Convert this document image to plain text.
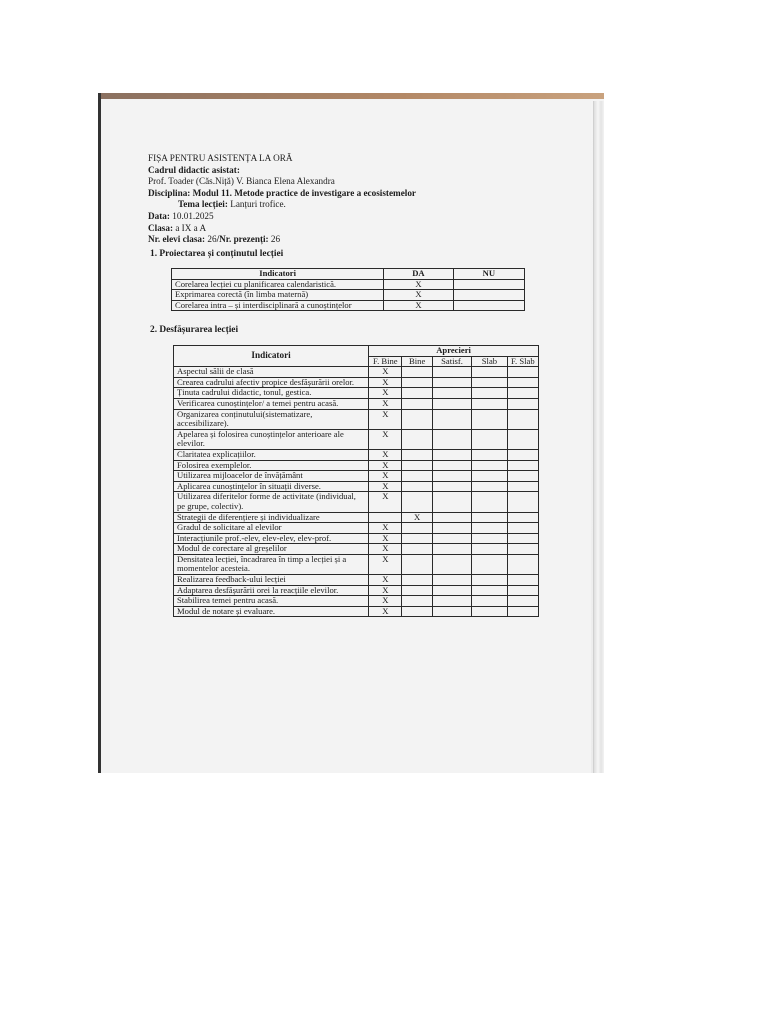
FIȘA PENTRU ASISTENȚA LA ORĂ
Cadrul didactic asistat:
Prof. Toader (Căs.Niță) V. Bianca Elena Alexandra
Disciplina: Modul 11. Metode practice de investigare a ecosistemelor
Tema lecției: Lanțuri trofice.
Data: 10.01.2025
Clasa: a IX a A
Nr. elevi clasa: 26/Nr. prezenți: 26
1. Proiectarea și conținutul lecției
Indicatori	DA	NU
Corelarea lecției cu planificarea calendaristică.	X	
Exprimarea corectă (în limba maternă)	X	
Corelarea intra – și interdisciplinară a cunoștințelor	X	
2. Desfășurarea lecției
Indicatori	Aprecieri				
	F. Bine	Bine	Satisf.	Slab	F. Slab
Aspectul sălii de clasă	X				
Crearea cadrului afectiv propice desfășurării orelor.	X				
Ținuta cadrului didactic, tonul, gestica.	X				
Verificarea cunoștințelor/ a temei pentru acasă.	X				
Organizarea conținutului(sistematizare, accesibilizare).	X				
Apelarea și folosirea cunoștințelor anterioare ale elevilor.	X				
Claritatea explicațiilor.	X				
Folosirea exemplelor.	X				
Utilizarea mijloacelor de învățământ	X				
Aplicarea cunoștințelor în situații diverse.	X				
Utilizarea diferitelor forme de activitate (individual, pe grupe, colectiv).	X				
Strategii de diferențiere și individualizare		X			
Gradul de solicitare al elevilor	X				
Interacțiunile prof.-elev, elev-elev, elev-prof.	X				
Modul de corectare al greșelilor	X				
Densitatea lecției, încadrarea în timp a lecției și a momentelor acesteia.	X				
Realizarea feedback-ului lecției	X				
Adaptarea desfășurării orei la reacțiile elevilor.	X				
Stabilirea temei pentru acasă.	X				
Modul de notare și evaluare.	X				
